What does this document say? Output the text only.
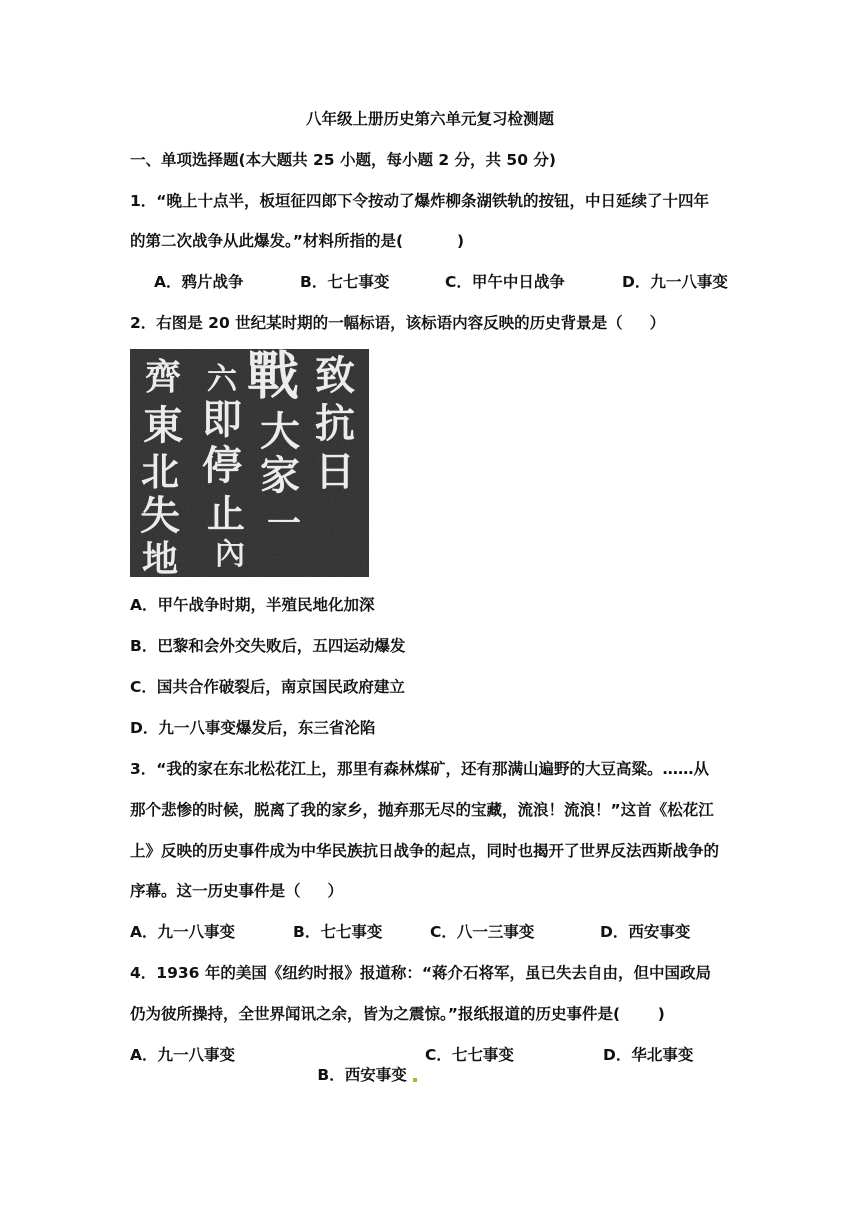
八年级上册历史第六单元复习检测题
一、单项选择题(本大题共 25 小题，每小题 2 分，共 50 分)
1．“晚上十点半，板垣征四郎下令按动了爆炸柳条湖铁轨的按钮，中日延续了十四年
的第二次战争从此爆发。”材料所指的是(          )
A．鸦片战争	B．七七事变	C．甲午中日战争	D．九一八事变
2．右图是 20 世纪某时期的一幅标语，该标语内容反映的历史背景是（     ）
致
抗
日
戰
大
家
一
齊
東
北
失
地
六
即
停
止
內
A．甲午战争时期，半殖民地化加深
B．巴黎和会外交失败后，五四运动爆发
C．国共合作破裂后，南京国民政府建立
D．九一八事变爆发后，东三省沦陷
3．“我的家在东北松花江上，那里有森林煤矿，还有那满山遍野的大豆高粱。……从
那个悲惨的时候，脱离了我的家乡，抛弃那无尽的宝藏，流浪！流浪！”这首《松花江
上》反映的历史事件成为中华民族抗日战争的起点，同时也揭开了世界反法西斯战争的
序幕。这一历史事件是（     ）
A．九一八事变	B．七七事变	C．八一三事变	D．西安事变
4．1936 年的美国《纽约时报》报道称：“蒋介石将军，虽已失去自由，但中国政局
仍为彼所操持，全世界闻讯之余，皆为之震惊。”报纸报道的历史事件是(       )
A．九一八事变

B．西安事变

C．七七事变	D．华北事变
